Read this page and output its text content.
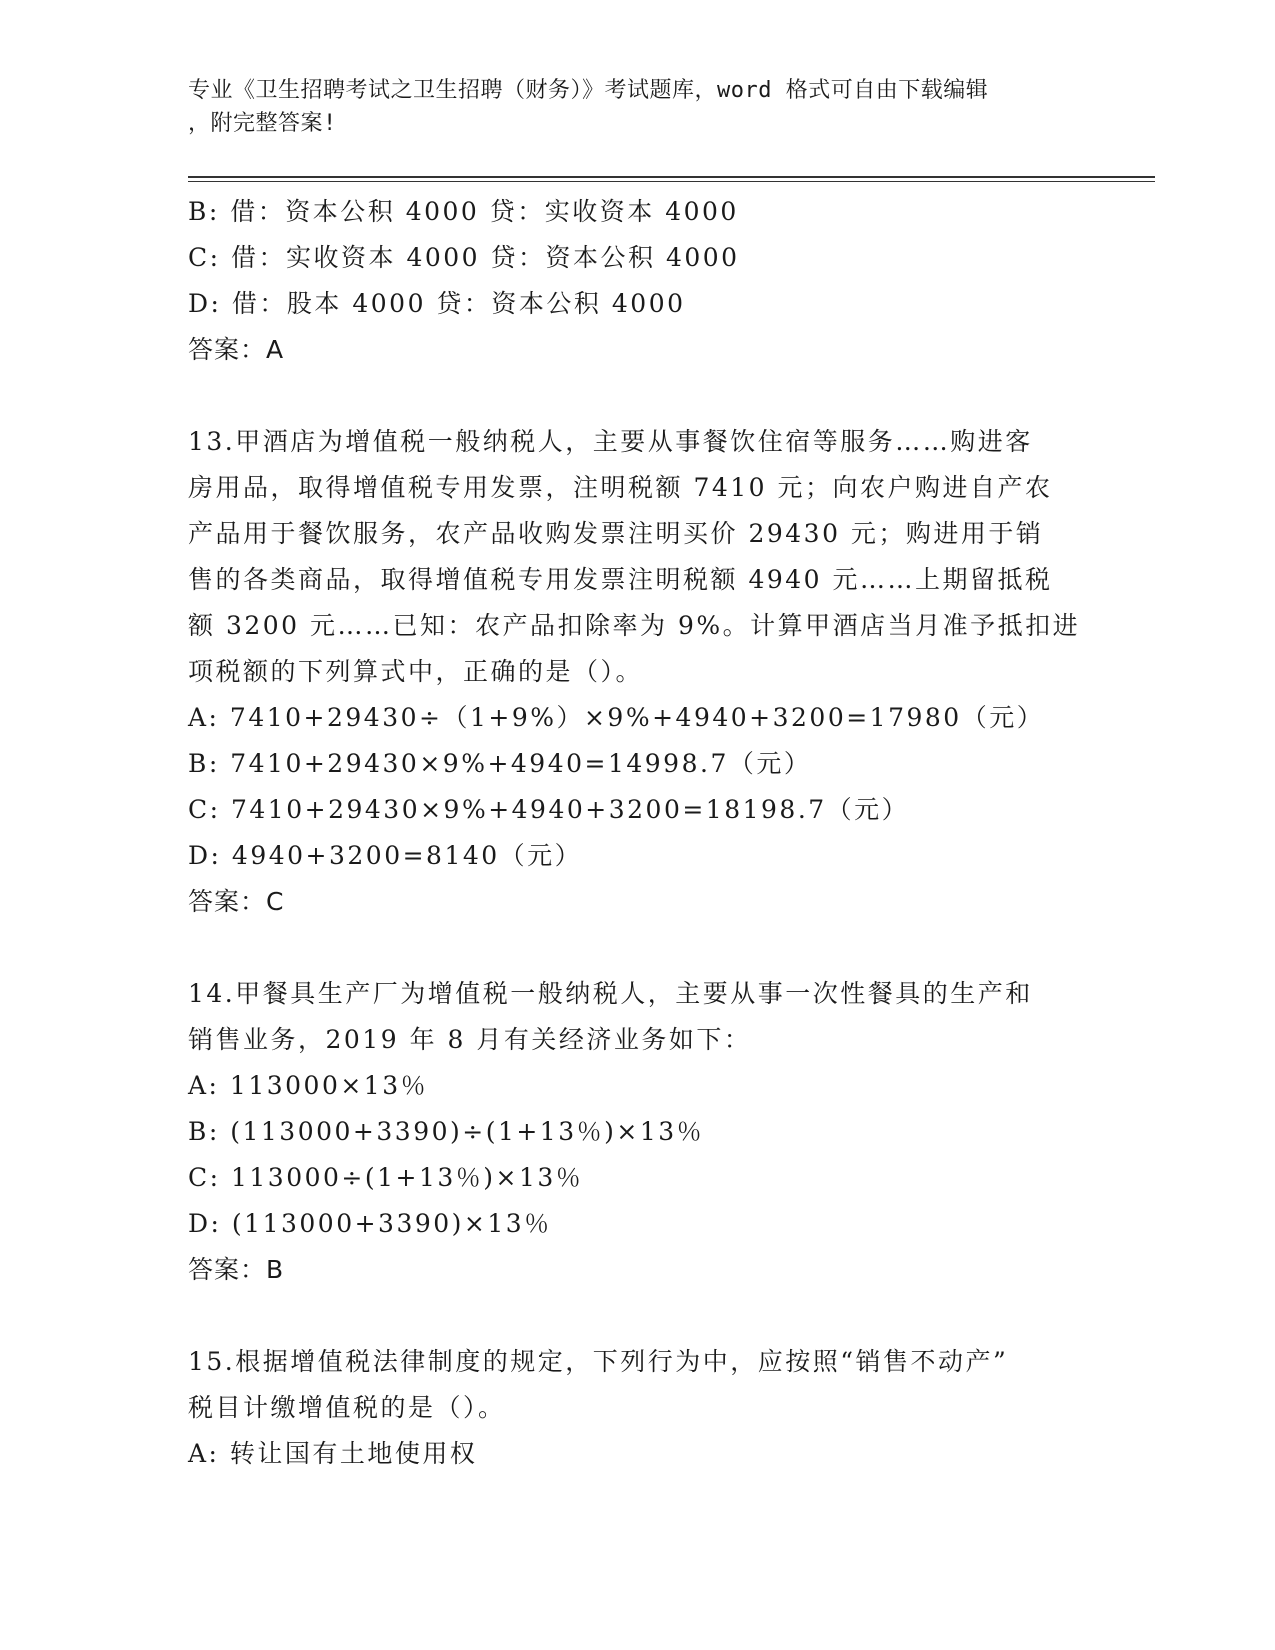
专业《卫生招聘考试之卫生招聘（财务）》考试题库，word 格式可自由下载编辑
，附完整答案!
B: 借：资本公积 4000 贷：实收资本 4000
C: 借：实收资本 4000 贷：资本公积 4000
D: 借：股本 4000 贷：资本公积 4000
答案：A
13.甲酒店为增值税一般纳税人，主要从事餐饮住宿等服务……购进客
房用品，取得增值税专用发票，注明税额 7410 元；向农户购进自产农
产品用于餐饮服务，农产品收购发票注明买价 29430 元；购进用于销
售的各类商品，取得增值税专用发票注明税额 4940 元……上期留抵税
额 3200 元……已知：农产品扣除率为 9%。计算甲酒店当月准予抵扣进
项税额的下列算式中，正确的是（）。
A: 7410+29430÷（1+9%）×9%+4940+3200=17980（元）
B: 7410+29430×9%+4940=14998.7（元）
C: 7410+29430×9%+4940+3200=18198.7（元）
D: 4940+3200=8140（元）
答案：C
14.甲餐具生产厂为增值税一般纳税人，主要从事一次性餐具的生产和
销售业务，2019 年 8 月有关经济业务如下：
A: 113000×13％
B: (113000+3390)÷(1+13％)×13％
C: 113000÷(1+13％)×13％
D: (113000+3390)×13％
答案：B
15.根据增值税法律制度的规定，下列行为中，应按照“销售不动产”
税目计缴增值税的是（）。
A: 转让国有土地使用权
